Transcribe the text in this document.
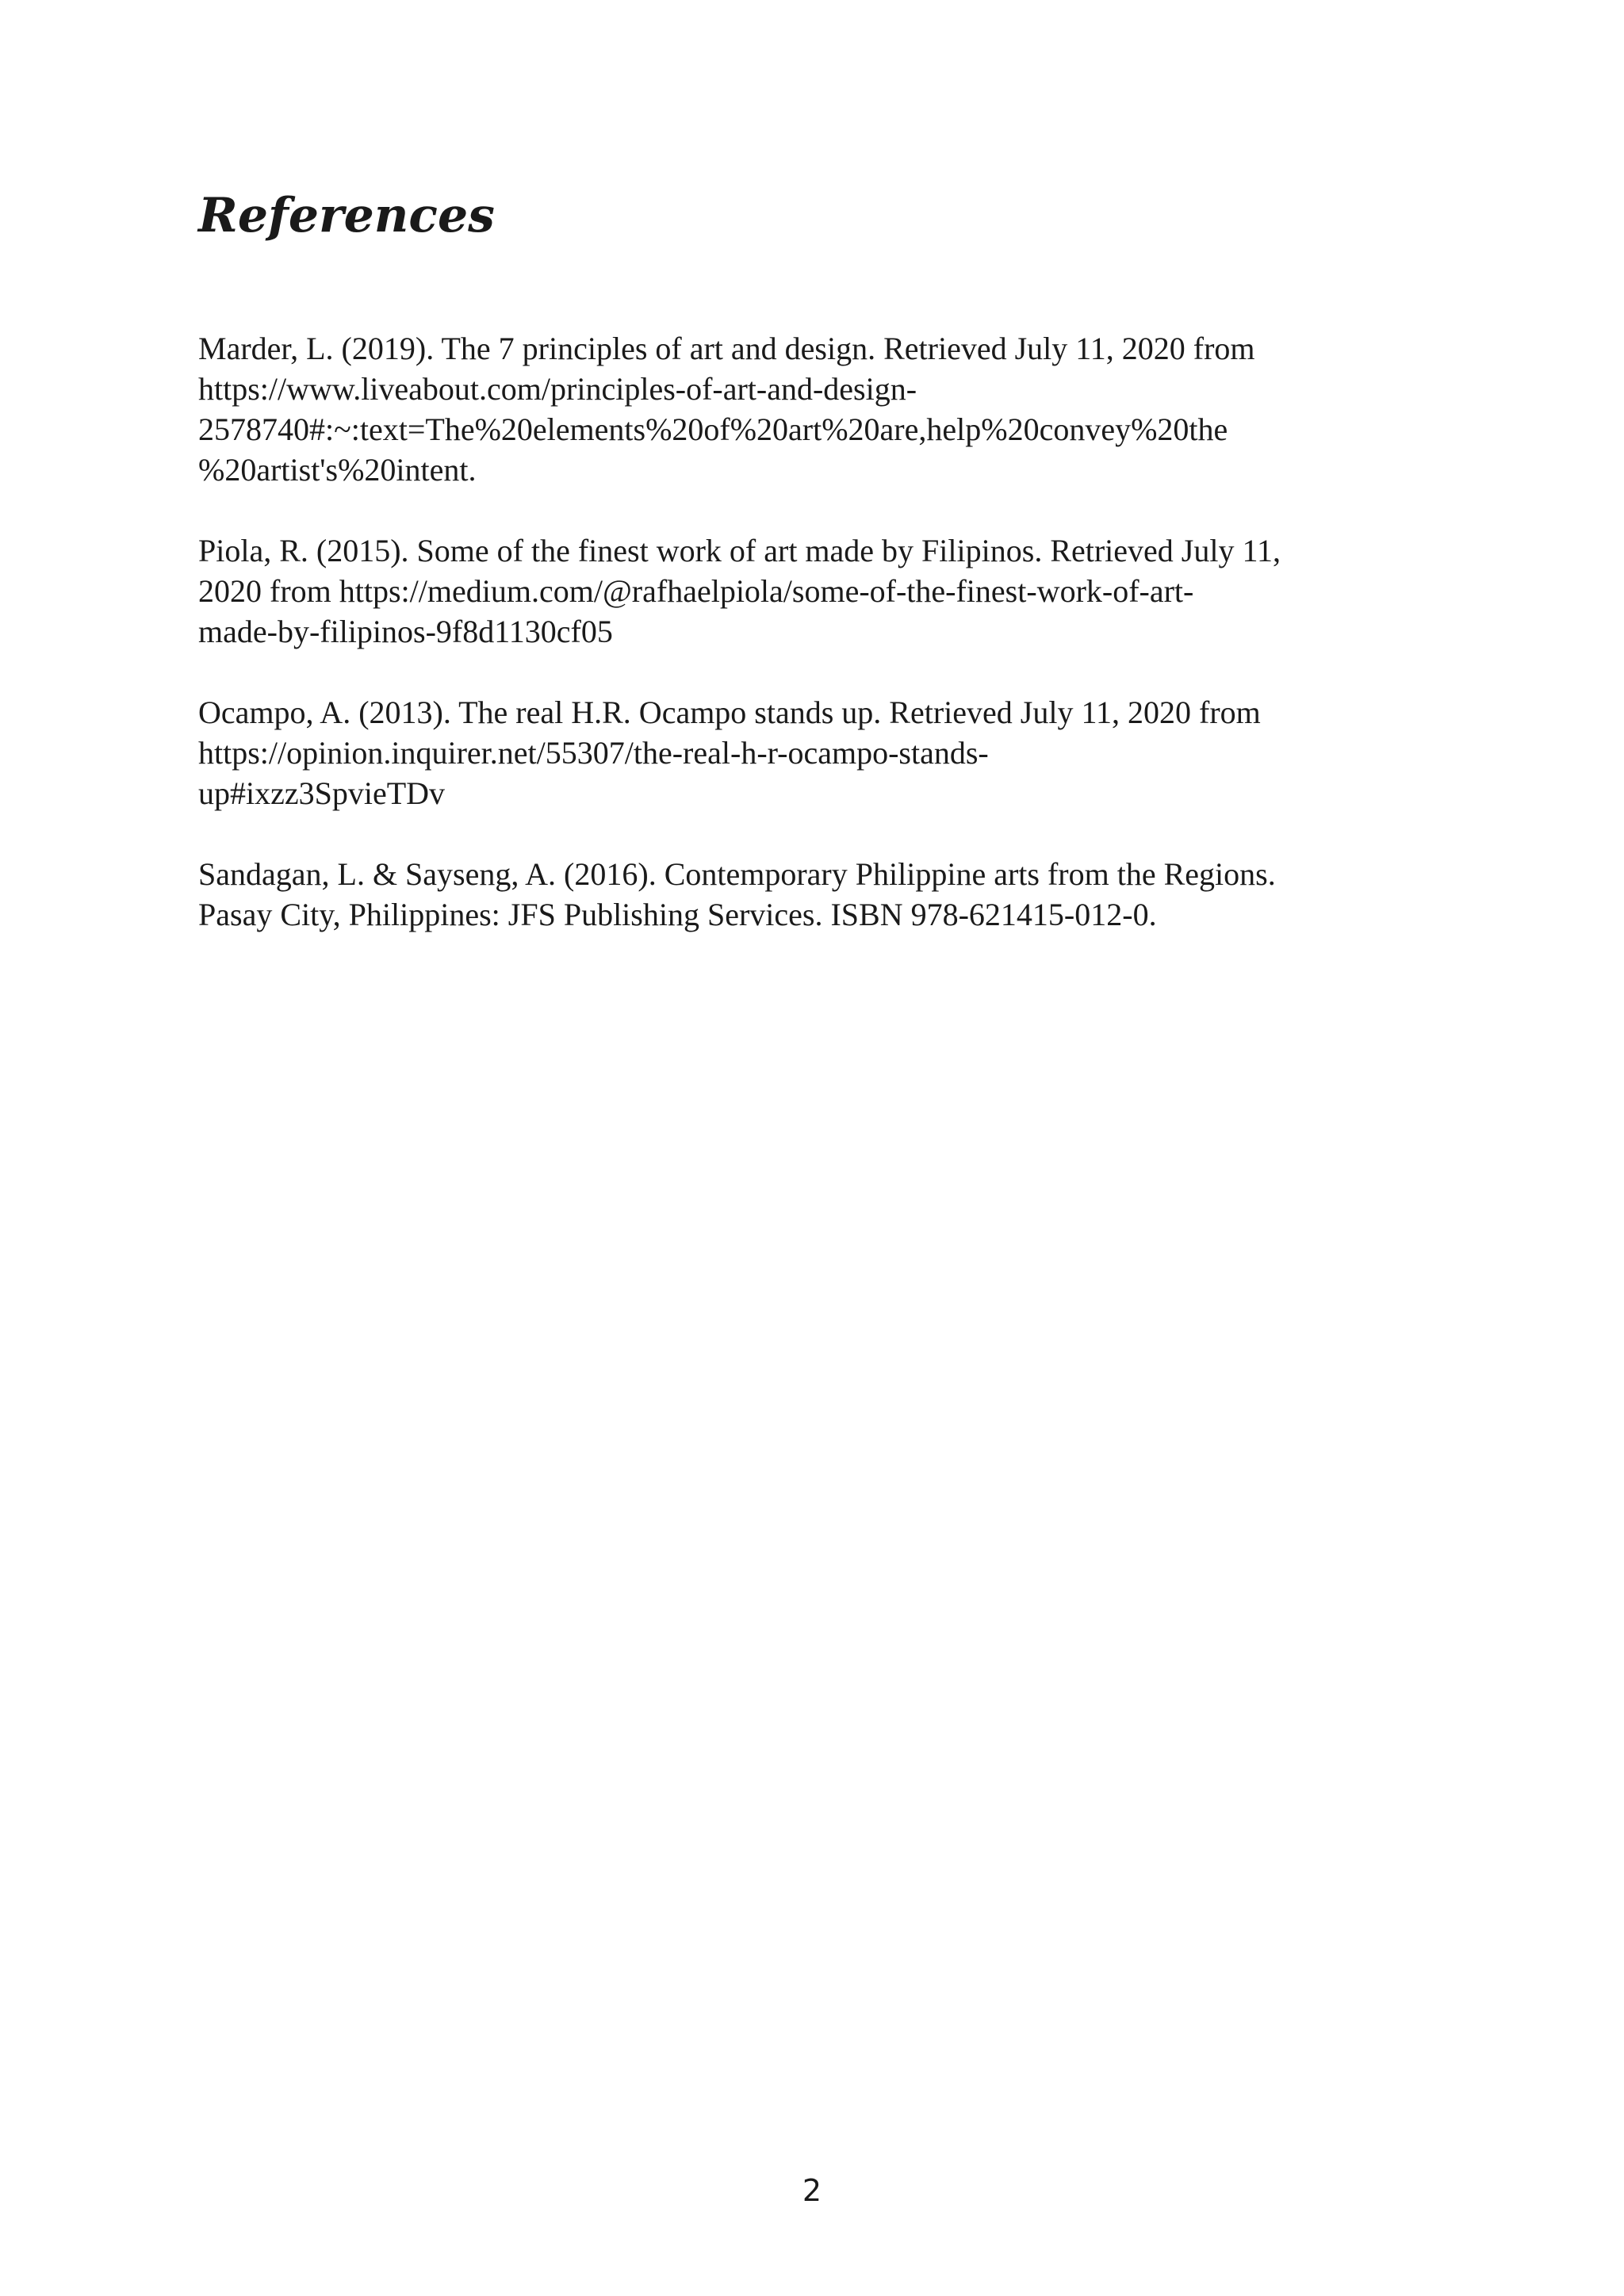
References
Marder, L. (2019). The 7 principles of art and design. Retrieved July 11, 2020 from
https://www.liveabout.com/principles-of-art-and-design-
2578740#:~:text=The%20elements%20of%20art%20are,help%20convey%20the
%20artist's%20intent.
Piola, R. (2015). Some of the finest work of art made by Filipinos. Retrieved July 11,
2020 from https://medium.com/@rafhaelpiola/some-of-the-finest-work-of-art-
made-by-filipinos-9f8d1130cf05
Ocampo, A. (2013). The real H.R. Ocampo stands up. Retrieved July 11, 2020 from
https://opinion.inquirer.net/55307/the-real-h-r-ocampo-stands-
up#ixzz3SpvieTDv
Sandagan, L. & Sayseng, A. (2016). Contemporary Philippine arts from the Regions.
Pasay City, Philippines: JFS Publishing Services. ISBN 978-621415-012-0.
2
